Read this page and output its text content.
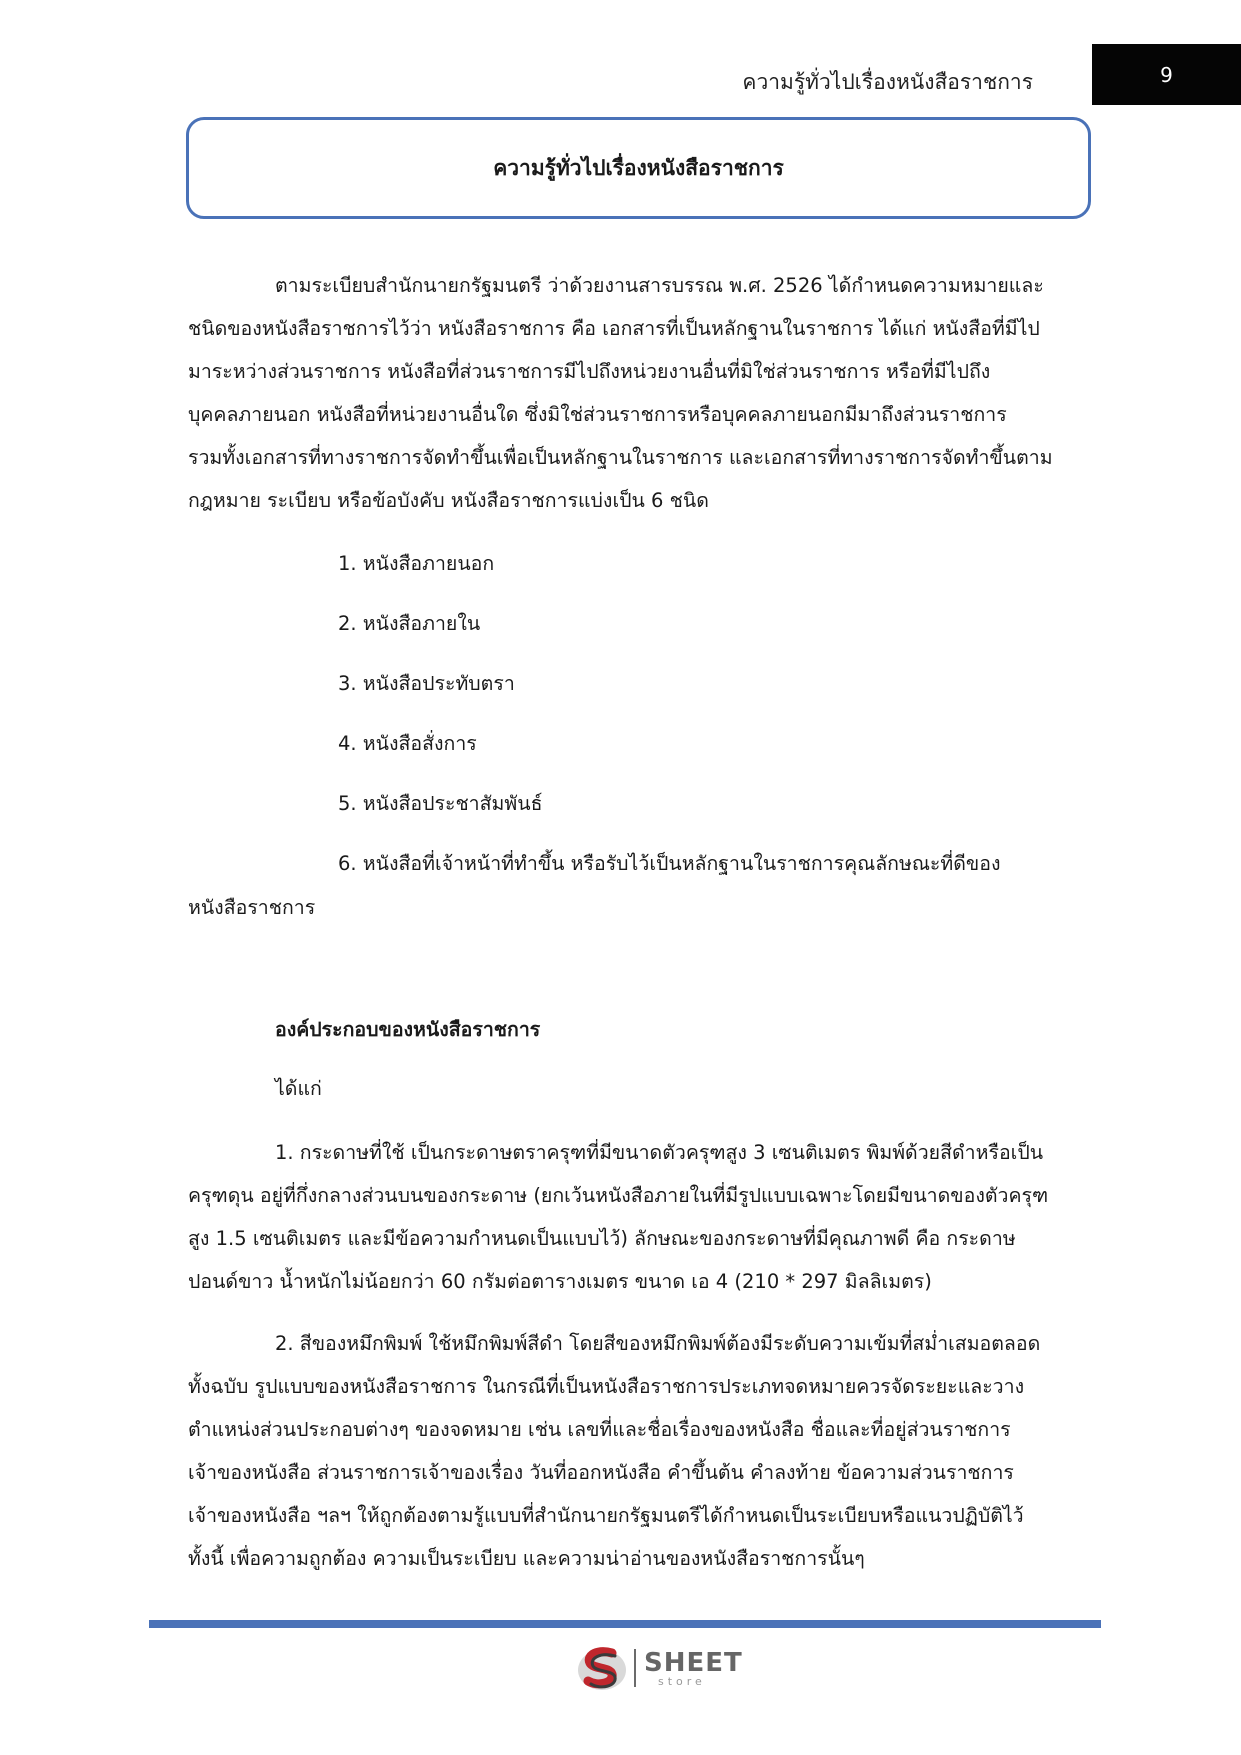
ความรู้ทั่วไปเรื่องหนังสือราชการ	9
ความรู้ทั่วไปเรื่องหนังสือราชการ
ตามระเบียบสำนักนายกรัฐมนตรี ว่าด้วยงานสารบรรณ พ.ศ. 2526 ได้กำหนดความหมายและ
ชนิดของหนังสือราชการไว้ว่า หนังสือราชการ คือ เอกสารที่เป็นหลักฐานในราชการ ได้แก่ หนังสือที่มีไป
มาระหว่างส่วนราชการ หนังสือที่ส่วนราชการมีไปถึงหน่วยงานอื่นที่มิใช่ส่วนราชการ หรือที่มีไปถึง
บุคคลภายนอก หนังสือที่หน่วยงานอื่นใด ซึ่งมิใช่ส่วนราชการหรือบุคคลภายนอกมีมาถึงส่วนราชการ
รวมทั้งเอกสารที่ทางราชการจัดทำขึ้นเพื่อเป็นหลักฐานในราชการ และเอกสารที่ทางราชการจัดทำขึ้นตาม
กฎหมาย ระเบียบ หรือข้อบังคับ หนังสือราชการแบ่งเป็น 6 ชนิด
1. หนังสือภายนอก
2. หนังสือภายใน
3. หนังสือประทับตรา
4. หนังสือสั่งการ
5. หนังสือประชาสัมพันธ์
6. หนังสือที่เจ้าหน้าที่ทำขึ้น หรือรับไว้เป็นหลักฐานในราชการคุณลักษณะที่ดีของ
หนังสือราชการ
องค์ประกอบของหนังสือราชการ
ได้แก่
1. กระดาษที่ใช้ เป็นกระดาษตราครุฑที่มีขนาดตัวครุฑสูง 3 เซนติเมตร พิมพ์ด้วยสีดำหรือเป็น
ครุฑดุน อยู่ที่กึ่งกลางส่วนบนของกระดาษ (ยกเว้นหนังสือภายในที่มีรูปแบบเฉพาะโดยมีขนาดของตัวครุฑ
สูง 1.5 เซนติเมตร และมีข้อความกำหนดเป็นแบบไว้) ลักษณะของกระดาษที่มีคุณภาพดี คือ กระดาษ
ปอนด์ขาว น้ำหนักไม่น้อยกว่า 60 กรัมต่อตารางเมตร ขนาด เอ 4 (210 * 297 มิลลิเมตร)
2. สีของหมึกพิมพ์ ใช้หมึกพิมพ์สีดำ โดยสีของหมึกพิมพ์ต้องมีระดับความเข้มที่สม่ำเสมอตลอด
ทั้งฉบับ รูปแบบของหนังสือราชการ ในกรณีที่เป็นหนังสือราชการประเภทจดหมายควรจัดระยะและวาง
ตำแหน่งส่วนประกอบต่างๆ ของจดหมาย เช่น เลขที่และชื่อเรื่องของหนังสือ ชื่อและที่อยู่ส่วนราชการ
เจ้าของหนังสือ ส่วนราชการเจ้าของเรื่อง วันที่ออกหนังสือ คำขึ้นต้น คำลงท้าย ข้อความส่วนราชการ
เจ้าของหนังสือ ฯลฯ ให้ถูกต้องตามรู้แบบที่สำนักนายกรัฐมนตรีได้กำหนดเป็นระเบียบหรือแนวปฏิบัติไว้
ทั้งนี้ เพื่อความถูกต้อง ความเป็นระเบียบ และความน่าอ่านของหนังสือราชการนั้นๆ
SHEET
store
